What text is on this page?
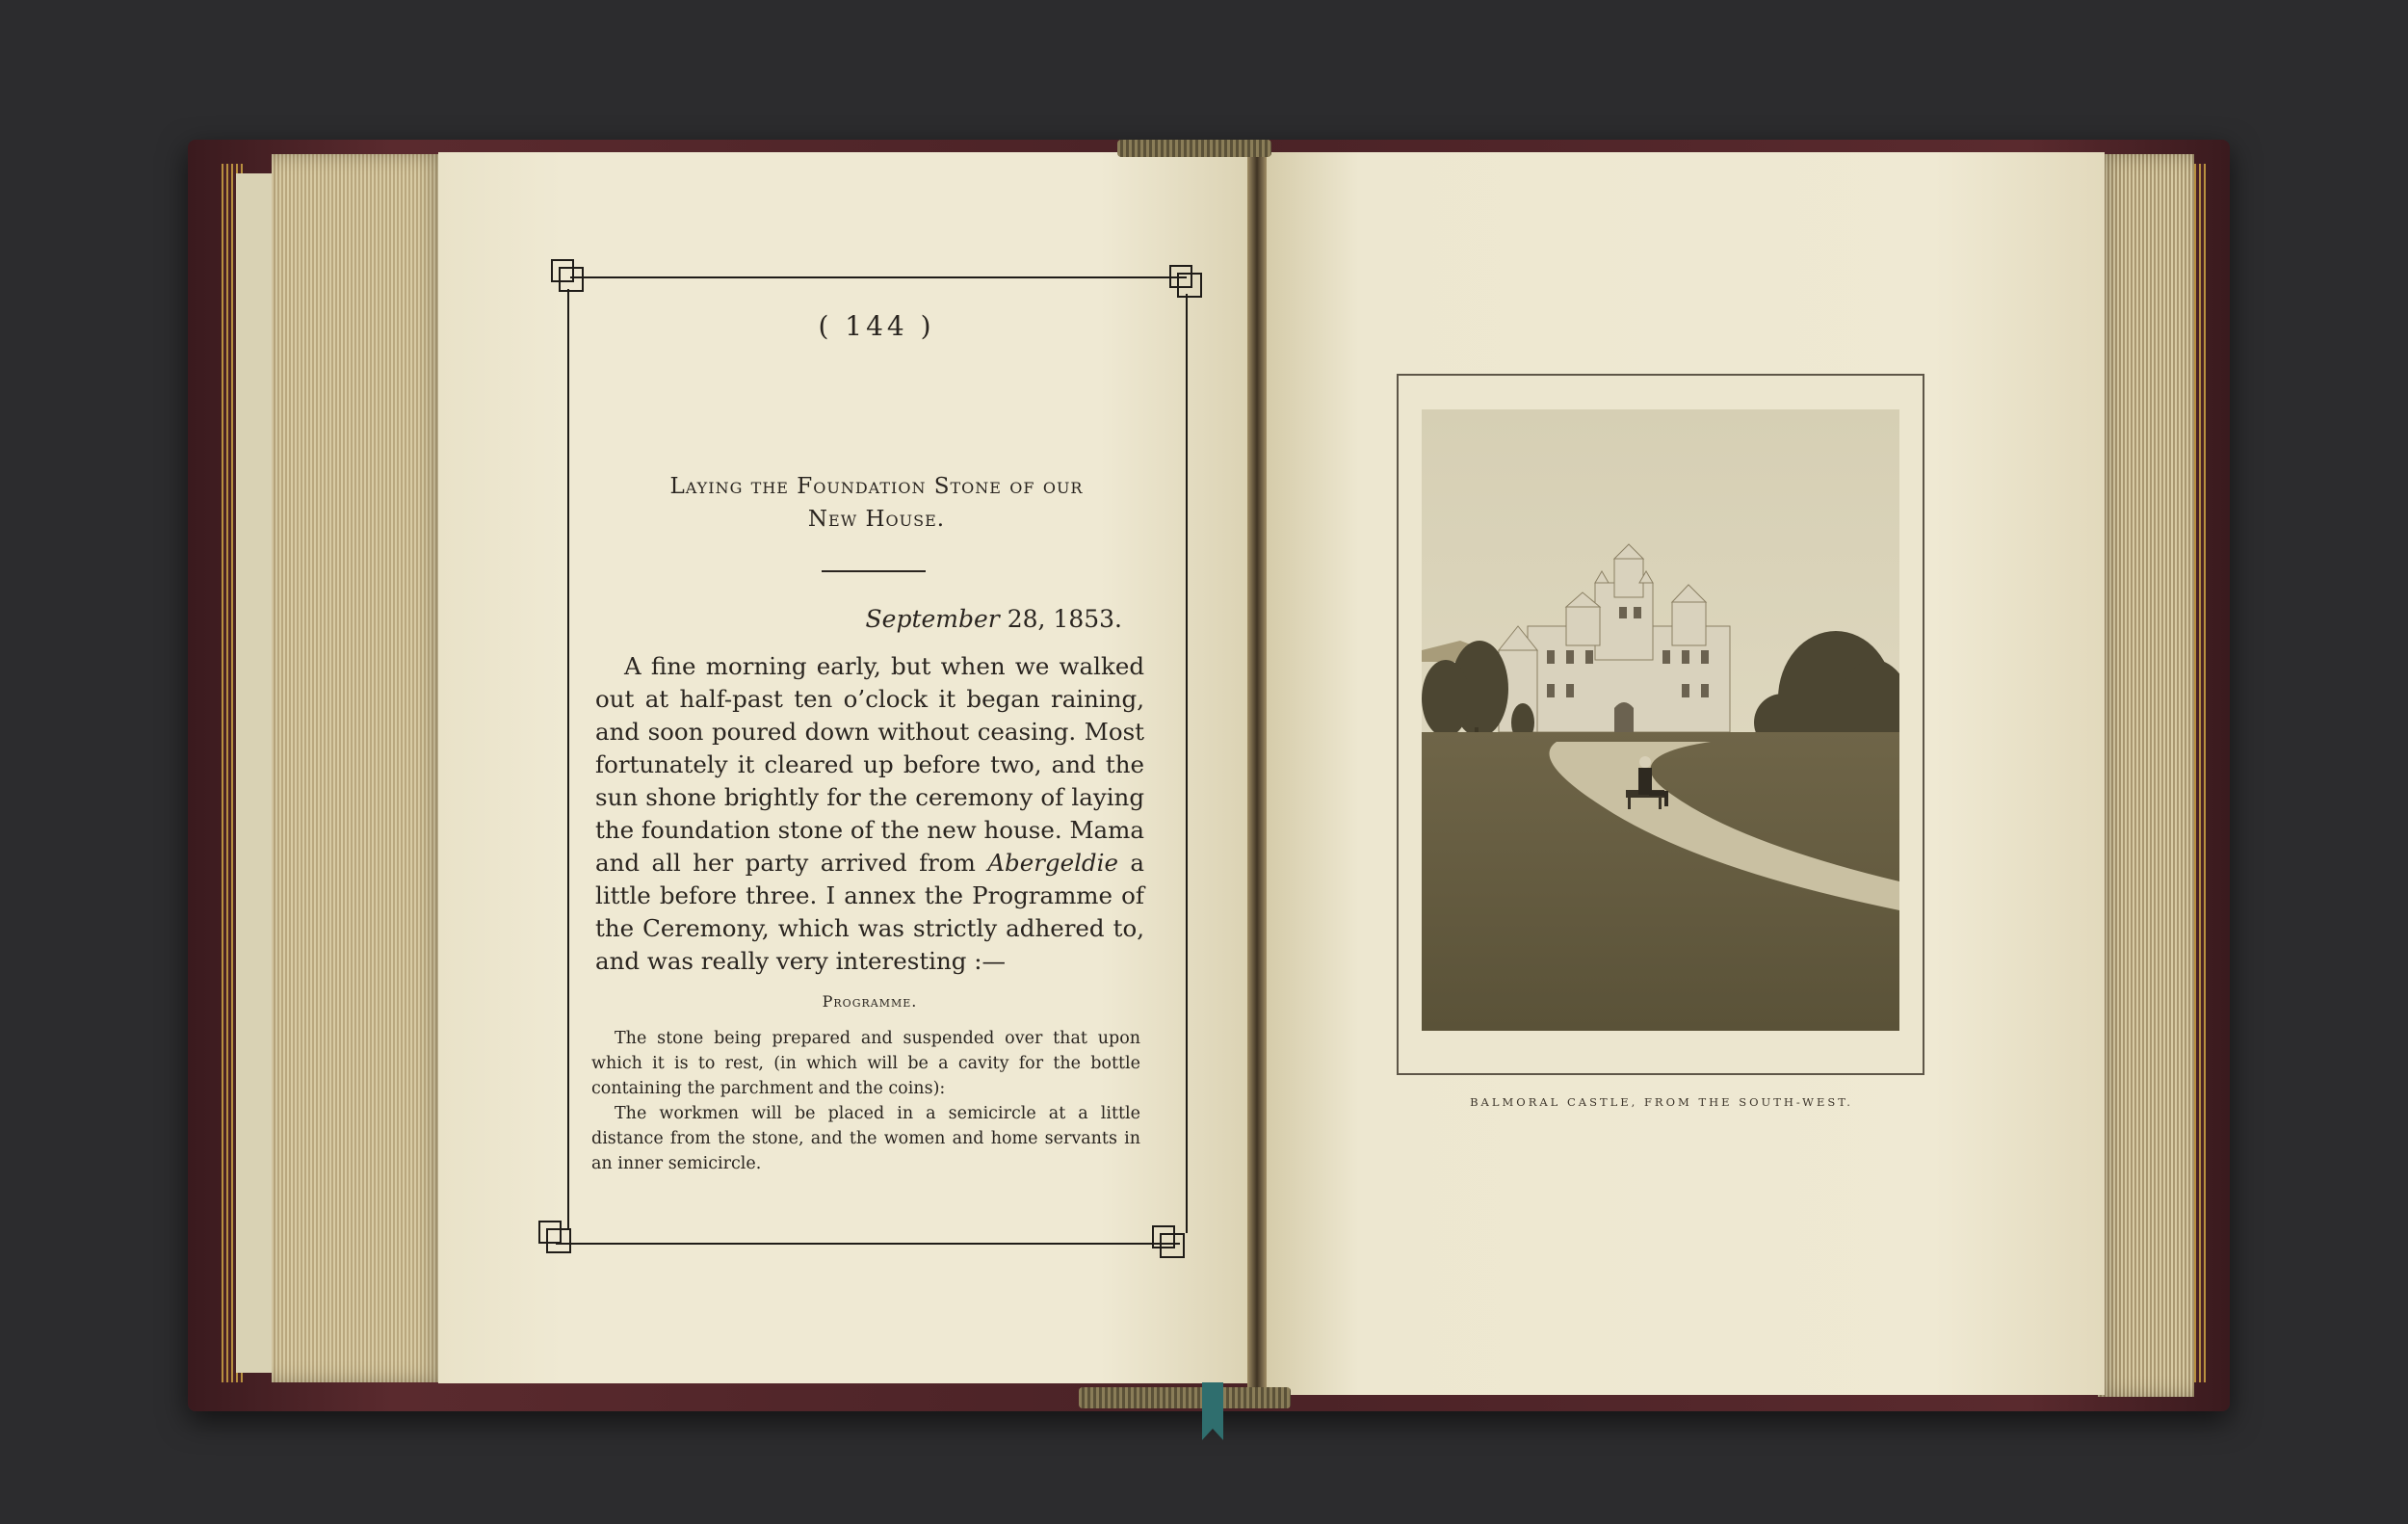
( 144 )
Laying the Foundation Stone of our
New House.
September 28, 1853.

A fine morning early, but when we walked out at half-past ten o’clock it began raining, and soon poured down without ceasing. Most fortunately it cleared up before two, and the sun shone brightly for the ceremony of laying the foundation stone of the new house. Mama and all her party arrived from Abergeldie a little before three. I annex the Programme of the Ceremony, which was strictly adhered to, and was really very interesting :—

Programme.

The stone being prepared and suspended over that upon which it is to rest, (in which will be a cavity for the bottle containing the parchment and the coins):

The workmen will be placed in a semicircle at a little distance from the stone, and the women and home servants in an inner semicircle.

BALMORAL CASTLE, FROM THE SOUTH-WEST.
